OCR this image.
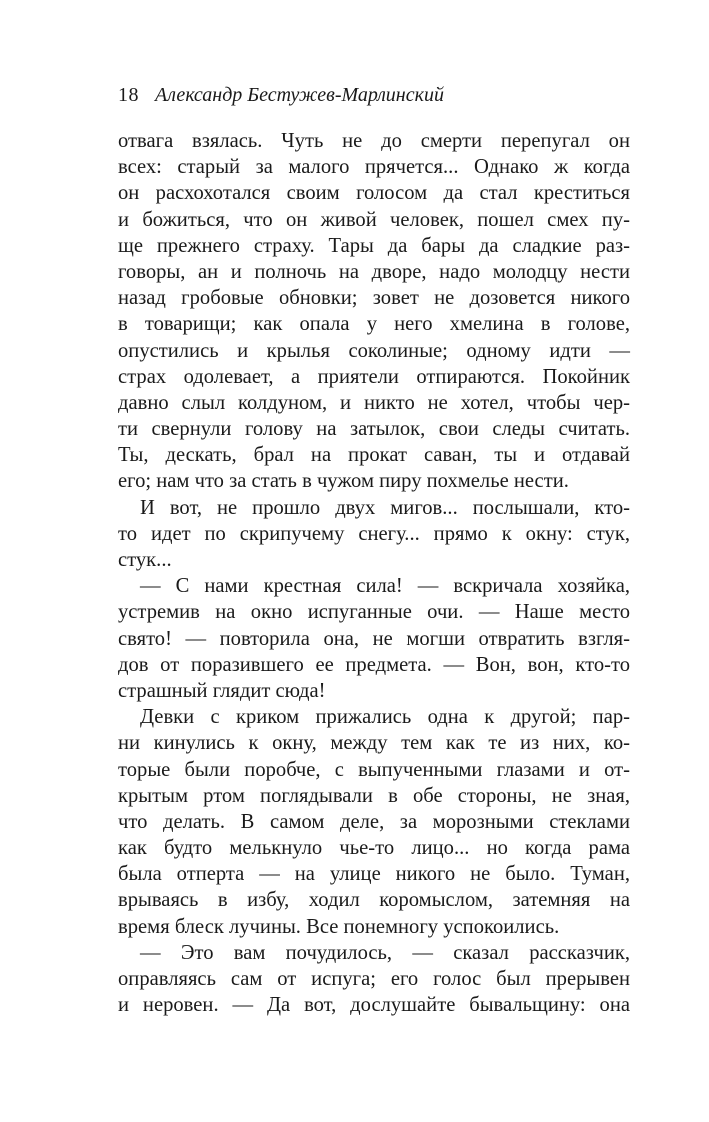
18 Александр Бестужев-Марлинский
отвага взялась. Чуть не до смерти перепугал он
всех: старый за малого прячется... Однако ж когда
он расхохотался своим голосом да стал креститься
и божиться, что он живой человек, пошел смех пу-
ще прежнего страху. Тары да бары да сладкие раз-
говоры, ан и полночь на дворе, надо молодцу нести
назад гробовые обновки; зовет не дозовется никого
в товарищи; как опала у него хмелина в голове,
опустились и крылья соколиные; одному идти —
страх одолевает, а приятели отпираются. Покойник
давно слыл колдуном, и никто не хотел, чтобы чер-
ти свернули голову на затылок, свои следы считать.
Ты, дескать, брал на прокат саван, ты и отдавай
его; нам что за стать в чужом пиру похмелье нести.
И вот, не прошло двух мигов... послышали, кто-
то идет по скрипучему снегу... прямо к окну: стук,
стук...
— С нами крестная сила! — вскричала хозяйка,
устремив на окно испуганные очи. — Наше место
свято! — повторила она, не могши отвратить взгля-
дов от поразившего ее предмета. — Вон, вон, кто-то
страшный глядит сюда!
Девки с криком прижались одна к другой; пар-
ни кинулись к окну, между тем как те из них, ко-
торые были поробче, с выпученными глазами и от-
крытым ртом поглядывали в обе стороны, не зная,
что делать. В самом деле, за морозными стеклами
как будто мелькнуло чье-то лицо... но когда рама
была отперта — на улице никого не было. Туман,
врываясь в избу, ходил коромыслом, затемняя на
время блеск лучины. Все понемногу успокоились.
— Это вам почудилось, — сказал рассказчик,
оправляясь сам от испуга; его голос был прерывен
и неровен. — Да вот, дослушайте бывальщину: она
